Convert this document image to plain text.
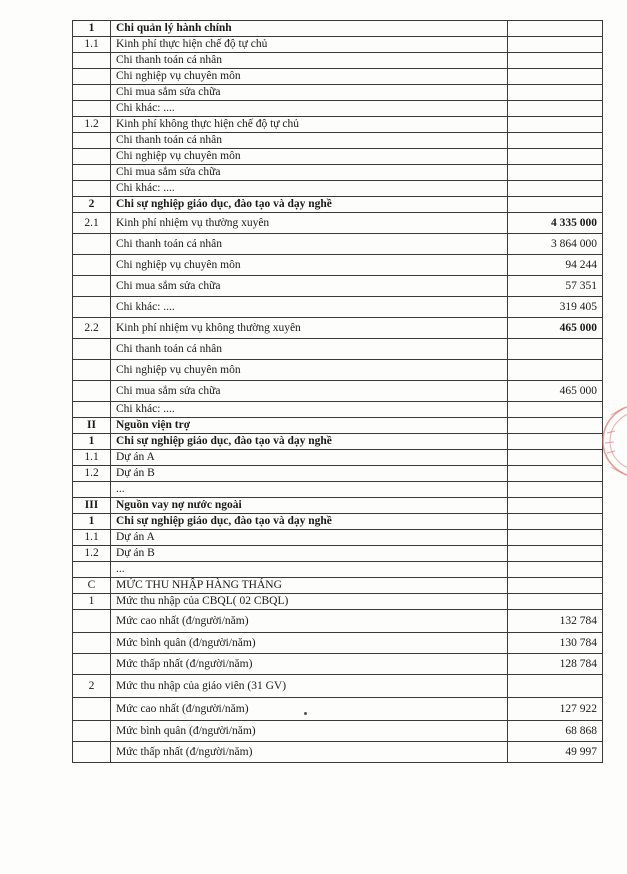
1	Chi quản lý hành chính	
1.1	Kinh phí thực hiện chế độ tự chủ	
	Chi thanh toán cá nhân	
	Chi nghiệp vụ chuyên môn	
	Chi mua sắm sửa chữa	
	Chi khác: ....	
1.2	Kinh phí không thực hiện chế độ tự chủ	
	Chi thanh toán cá nhân	
	Chi nghiệp vụ chuyên môn	
	Chi mua sắm sửa chữa	
	Chi khác: ....	
2	Chi sự nghiệp giáo dục, đào tạo và dạy nghề	
2.1	Kinh phí nhiệm vụ thường xuyên	4 335 000
	Chi thanh toán cá nhân	3 864 000
	Chi nghiệp vụ chuyên môn	94 244
	Chi mua sắm sửa chữa	57 351
	Chi khác: ....	319 405
2.2	Kinh phí nhiệm vụ không thường xuyên	465 000
	Chi thanh toán cá nhân	
	Chi nghiệp vụ chuyên môn	
	Chi mua sắm sửa chữa	465 000
	Chi khác: ....	
II	Nguồn viện trợ	
1	Chi sự nghiệp giáo dục, đào tạo và dạy nghề	
1.1	Dự án A	
1.2	Dự án B	
	...	
III	Nguồn vay nợ nước ngoài	
1	Chi sự nghiệp giáo dục, đào tạo và dạy nghề	
1.1	Dự án A	
1.2	Dự án B	
	...	
C	MỨC THU NHẬP HÀNG THÁNG	
1	Mức thu nhập của CBQL( 02 CBQL)	
	Mức cao nhất (đ/người/năm)	132 784
	Mức bình quân (đ/người/năm)	130 784
	Mức thấp nhất (đ/người/năm)	128 784
2	Mức thu nhập của giáo viên (31 GV)	
	Mức cao nhất (đ/người/năm)	127 922
	Mức bình quân (đ/người/năm)	68 868
	Mức thấp nhất (đ/người/năm)	49 997
